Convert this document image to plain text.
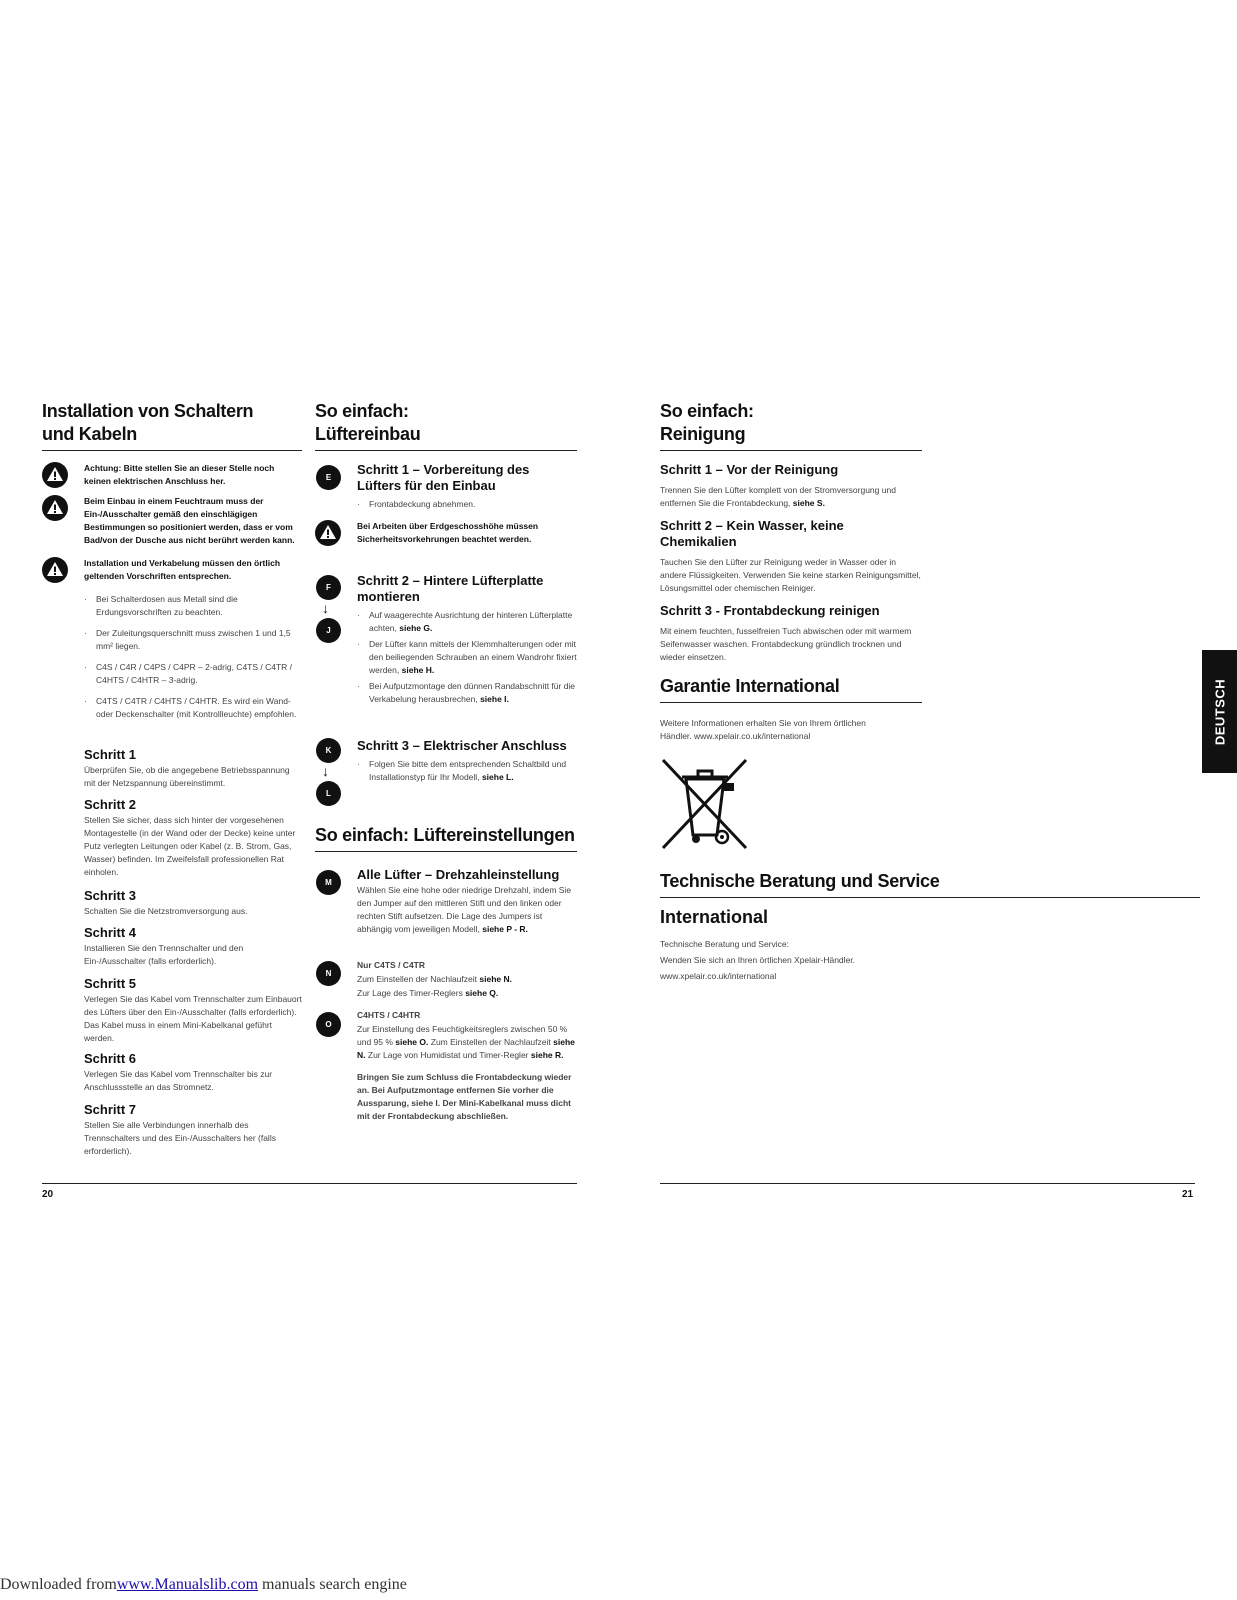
Installation von Schaltern
und Kabeln
Achtung: Bitte stellen Sie an dieser Stelle noch keinen elektrischen Anschluss her.
Beim Einbau in einem Feuchtraum muss der Ein-/Ausschalter gemäß den einschlägigen Bestimmungen so positioniert werden, dass er vom Bad/von der Dusche aus nicht berührt werden kann.
Installation und Verkabelung müssen den örtlich geltenden Vorschriften entsprechen.
· Bei Schalterdosen aus Metall sind die Erdungsvorschriften zu beachten.
· Der Zuleitungsquerschnitt muss zwischen 1 und 1,5 mm² liegen.
· C4S / C4R / C4PS / C4PR – 2-adrig, C4TS / C4TR / C4HTS / C4HTR – 3-adrig.
· C4TS / C4TR / C4HTS / C4HTR. Es wird ein Wand- oder Deckenschalter (mit Kontrollleuchte) empfohlen.
Schritt 1

Überprüfen Sie, ob die angegebene Betriebsspannung mit der Netzspannung übereinstimmt.

Schritt 2

Stellen Sie sicher, dass sich hinter der vorgesehenen Montagestelle (in der Wand oder der Decke) keine unter Putz verlegten Leitungen oder Kabel (z. B. Strom, Gas, Wasser) befinden. Im Zweifelsfall professionellen Rat einholen.

Schritt 3

Schalten Sie die Netzstromversorgung aus.

Schritt 4

Installieren Sie den Trennschalter und den Ein-/Ausschalter (falls erforderlich).

Schritt 5

Verlegen Sie das Kabel vom Trennschalter zum Einbauort des Lüfters über den Ein-/Ausschalter (falls erforderlich). Das Kabel muss in einem Mini-Kabelkanal geführt werden.

Schritt 6

Verlegen Sie das Kabel vom Trennschalter bis zur Anschlussstelle an das Stromnetz.

Schritt 7

Stellen Sie alle Verbindungen innerhalb des Trennschalters und des Ein-/Ausschalters her (falls erforderlich).

So einfach:
Lüftereinbau
E
Schritt 1 – Vorbereitung des Lüfters für den Einbau
· Frontabdeckung abnehmen.
Bei Arbeiten über Erdgeschosshöhe müssen Sicherheitsvorkehrungen beachtet werden.
F
↓
J
Schritt 2 – Hintere Lüfterplatte montieren
· Auf waagerechte Ausrichtung der hinteren Lüfterplatte achten, siehe G.
· Der Lüfter kann mittels der Klemmhalterungen oder mit den beiliegenden Schrauben an einem Wandrohr fixiert werden, siehe H.
· Bei Aufputzmontage den dünnen Randabschnitt für die Verkabelung herausbrechen, siehe I.
K
↓
L
Schritt 3 – Elektrischer Anschluss
· Folgen Sie bitte dem entsprechenden Schaltbild und Installationstyp für Ihr Modell, siehe L.
So einfach: Lüftereinstellungen
M
Alle Lüfter – Drehzahleinstellung

Wählen Sie eine hohe oder niedrige Drehzahl, indem Sie den Jumper auf den mittleren Stift und den linken oder rechten Stift aufsetzen. Die Lage des Jumpers ist abhängig vom jeweiligen Modell, siehe P - R.

N

Nur C4TS / C4TR

Zum Einstellen der Nachlaufzeit siehe N.

Zur Lage des Timer-Reglers siehe Q.

O

C4HTS / C4HTR

Zur Einstellung des Feuchtigkeitsreglers zwischen 50 % und 95 % siehe O. Zum Einstellen der Nachlaufzeit siehe N. Zur Lage von Humidistat und Timer-Regler siehe R.

Bringen Sie zum Schluss die Frontabdeckung wieder an. Bei Aufputzmontage entfernen Sie vorher die Aussparung, siehe I. Der Mini-Kabelkanal muss dicht mit der Frontabdeckung abschließen.

So einfach:
Reinigung
Schritt 1 – Vor der Reinigung

Trennen Sie den Lüfter komplett von der Stromversorgung und entfernen Sie die Frontabdeckung, siehe S.

Schritt 2 – Kein Wasser, keine Chemikalien

Tauchen Sie den Lüfter zur Reinigung weder in Wasser oder in andere Flüssigkeiten. Verwenden Sie keine starken Reinigungsmittel, Lösungsmittel oder chemischen Reiniger.

Schritt 3 - Frontabdeckung reinigen

Mit einem feuchten, fusselfreien Tuch abwischen oder mit warmem Seifenwasser waschen. Frontabdeckung gründlich trocknen und wieder einsetzen.

Garantie International

Weitere Informationen erhalten Sie von Ihrem örtlichen Händler. www.xpelair.co.uk/international

Technische Beratung und Service
International

Technische Beratung und Service:

Wenden Sie sich an Ihren örtlichen Xpelair-Händler.

www.xpelair.co.uk/international

DEUTSCH
20	21
Downloaded fromwww.Manualslib.com manuals search engine
